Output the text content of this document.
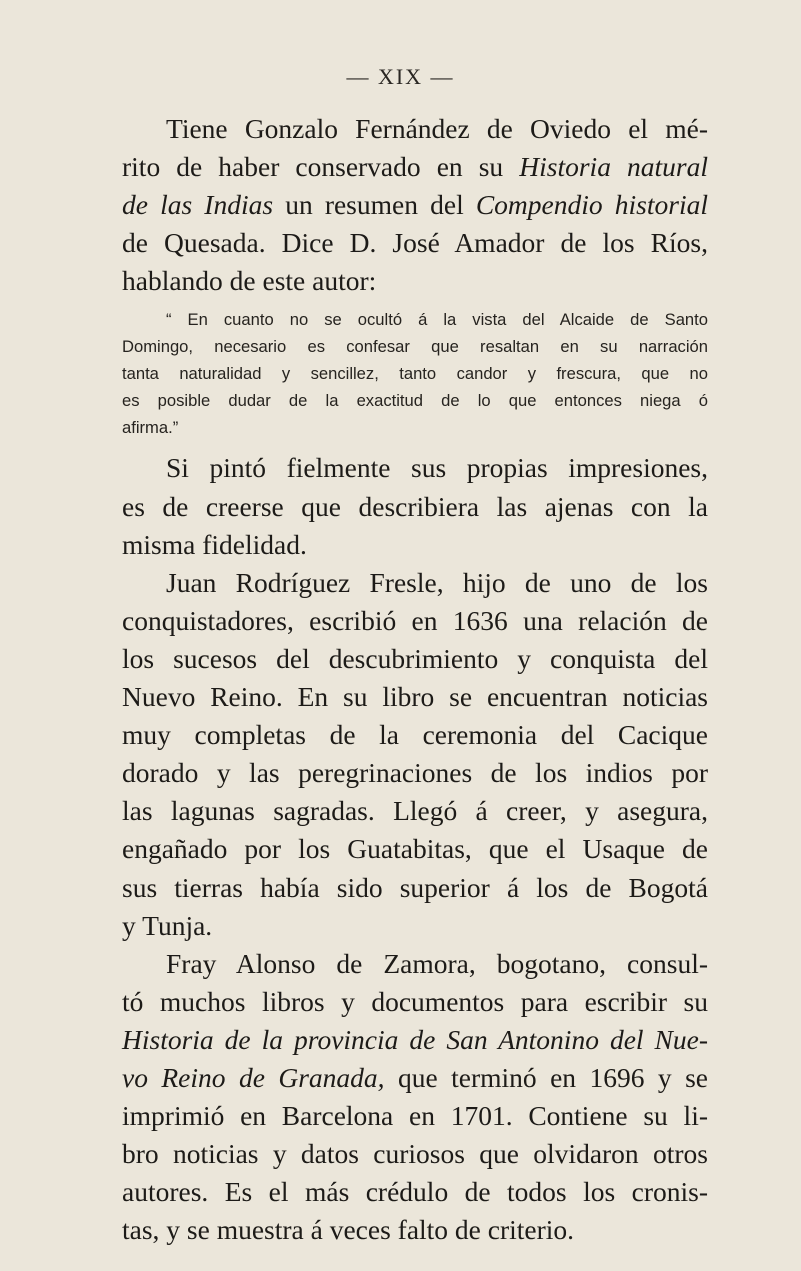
— XIX —
Tiene Gonzalo Fernández de Oviedo el mé-
rito de haber conservado en su Historia natural
de las Indias un resumen del Compendio historial
de Quesada. Dice D. José Amador de los Ríos,
hablando de este autor:
“ En cuanto no se ocultó á la vista del Alcaide de Santo
Domingo, necesario es confesar que resaltan en su narración
tanta naturalidad y sencillez, tanto candor y frescura, que no
es posible dudar de la exactitud de lo que entonces niega ó
afirma.”
Si pintó fielmente sus propias impresiones,
es de creerse que describiera las ajenas con la
misma fidelidad.
Juan Rodríguez Fresle, hijo de uno de los
conquistadores, escribió en 1636 una relación de
los sucesos del descubrimiento y conquista del
Nuevo Reino. En su libro se encuentran noticias
muy completas de la ceremonia del Cacique
dorado y las peregrinaciones de los indios por
las lagunas sagradas. Llegó á creer, y asegura,
engañado por los Guatabitas, que el Usaque de
sus tierras había sido superior á los de Bogotá
y Tunja.
Fray Alonso de Zamora, bogotano, consul-
tó muchos libros y documentos para escribir su
Historia de la provincia de San Antonino del Nue-
vo Reino de Granada, que terminó en 1696 y se
imprimió en Barcelona en 1701. Contiene su li-
bro noticias y datos curiosos que olvidaron otros
autores. Es el más crédulo de todos los cronis-
tas, y se muestra á veces falto de criterio.
